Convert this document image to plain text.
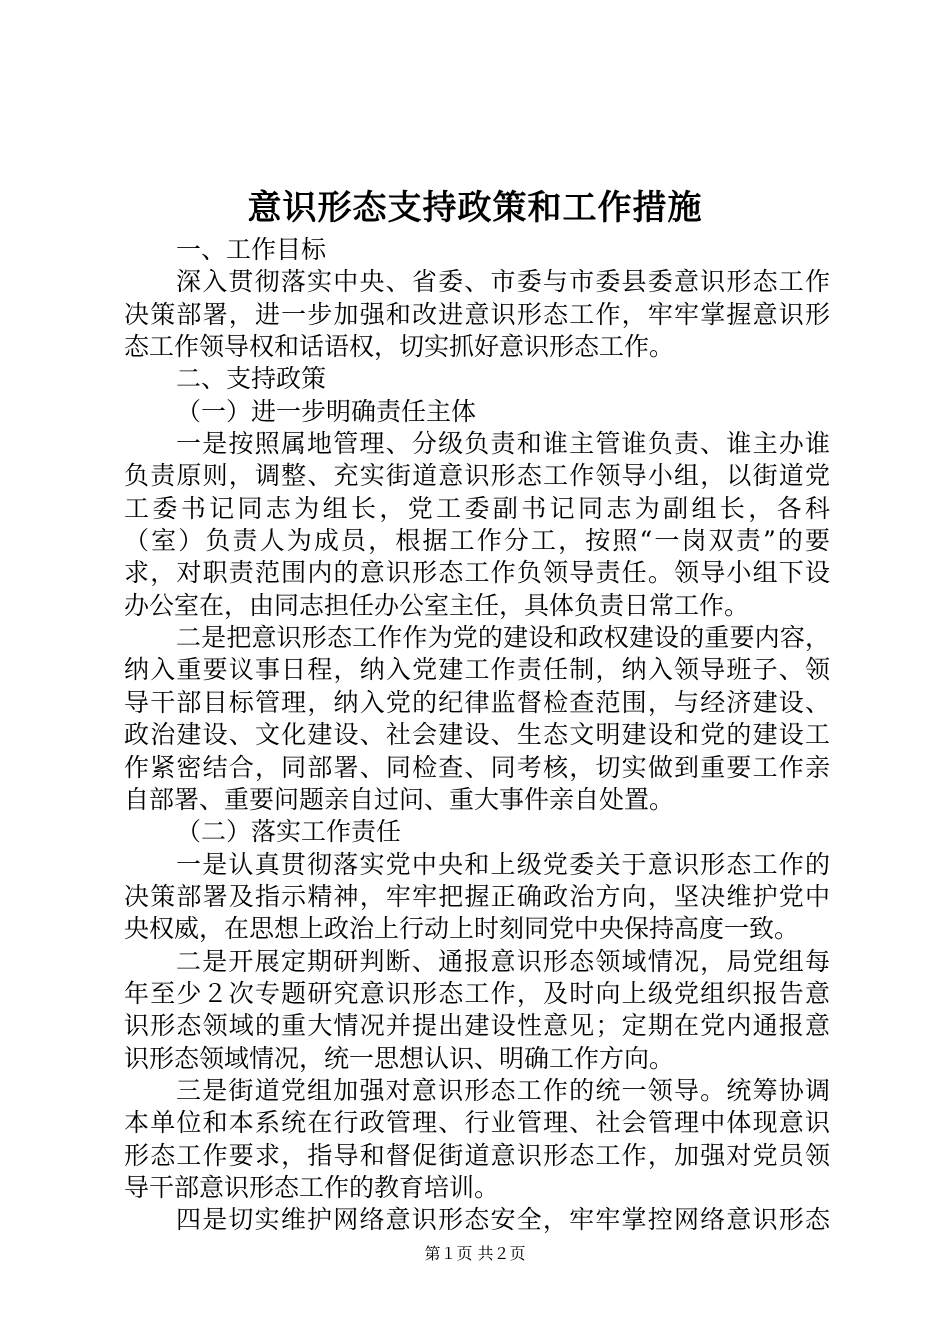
意识形态支持政策和工作措施
一、工作目标
深入贯彻落实中央、省委、市委与市委县委意识形态工作
决策部署，进一步加强和改进意识形态工作，牢牢掌握意识形
态工作领导权和话语权，切实抓好意识形态工作。
二、支持政策
（一）进一步明确责任主体
一是按照属地管理、分级负责和谁主管谁负责、谁主办谁
负责原则，调整、充实街道意识形态工作领导小组，以街道党
工委书记同志为组长，党工委副书记同志为副组长，各科
（室）负责人为成员，根据工作分工，按照“一岗双责”的要
求，对职责范围内的意识形态工作负领导责任。领导小组下设
办公室在，由同志担任办公室主任，具体负责日常工作。
二是把意识形态工作作为党的建设和政权建设的重要内容，
纳入重要议事日程，纳入党建工作责任制，纳入领导班子、领
导干部目标管理，纳入党的纪律监督检查范围，与经济建设、
政治建设、文化建设、社会建设、生态文明建设和党的建设工
作紧密结合，同部署、同检查、同考核，切实做到重要工作亲
自部署、重要问题亲自过问、重大事件亲自处置。
（二）落实工作责任
一是认真贯彻落实党中央和上级党委关于意识形态工作的
决策部署及指示精神，牢牢把握正确政治方向，坚决维护党中
央权威，在思想上政治上行动上时刻同党中央保持高度一致。
二是开展定期研判断、通报意识形态领域情况，局党组每
年至少２次专题研究意识形态工作，及时向上级党组织报告意
识形态领域的重大情况并提出建设性意见；定期在党内通报意
识形态领域情况，统一思想认识、明确工作方向。
三是街道党组加强对意识形态工作的统一领导。统筹协调
本单位和本系统在行政管理、行业管理、社会管理中体现意识
形态工作要求，指导和督促街道意识形态工作，加强对党员领
导干部意识形态工作的教育培训。
四是切实维护网络意识形态安全，牢牢掌控网络意识形态
第１页 共２页
